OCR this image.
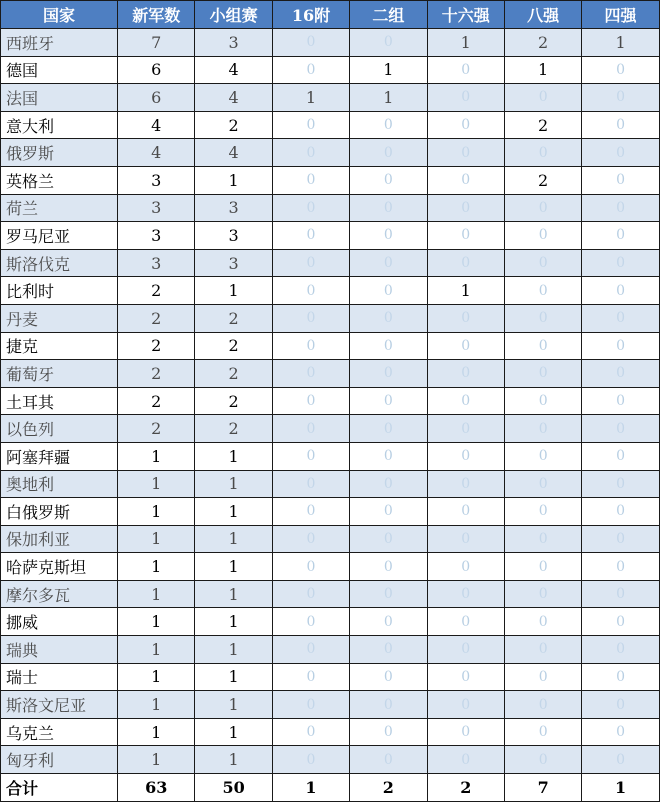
国家	新军数	小组赛	16附	二组	十六强	八强	四强
西班牙	7	3	0	0	1	2	1
德国	6	4	0	1	0	1	0
法国	6	4	1	1	0	0	0
意大利	4	2	0	0	0	2	0
俄罗斯	4	4	0	0	0	0	0
英格兰	3	1	0	0	0	2	0
荷兰	3	3	0	0	0	0	0
罗马尼亚	3	3	0	0	0	0	0
斯洛伐克	3	3	0	0	0	0	0
比利时	2	1	0	0	1	0	0
丹麦	2	2	0	0	0	0	0
捷克	2	2	0	0	0	0	0
葡萄牙	2	2	0	0	0	0	0
土耳其	2	2	0	0	0	0	0
以色列	2	2	0	0	0	0	0
阿塞拜疆	1	1	0	0	0	0	0
奥地利	1	1	0	0	0	0	0
白俄罗斯	1	1	0	0	0	0	0
保加利亚	1	1	0	0	0	0	0
哈萨克斯坦	1	1	0	0	0	0	0
摩尔多瓦	1	1	0	0	0	0	0
挪威	1	1	0	0	0	0	0
瑞典	1	1	0	0	0	0	0
瑞士	1	1	0	0	0	0	0
斯洛文尼亚	1	1	0	0	0	0	0
乌克兰	1	1	0	0	0	0	0
匈牙利	1	1	0	0	0	0	0
合计	63	50	1	2	2	7	1
